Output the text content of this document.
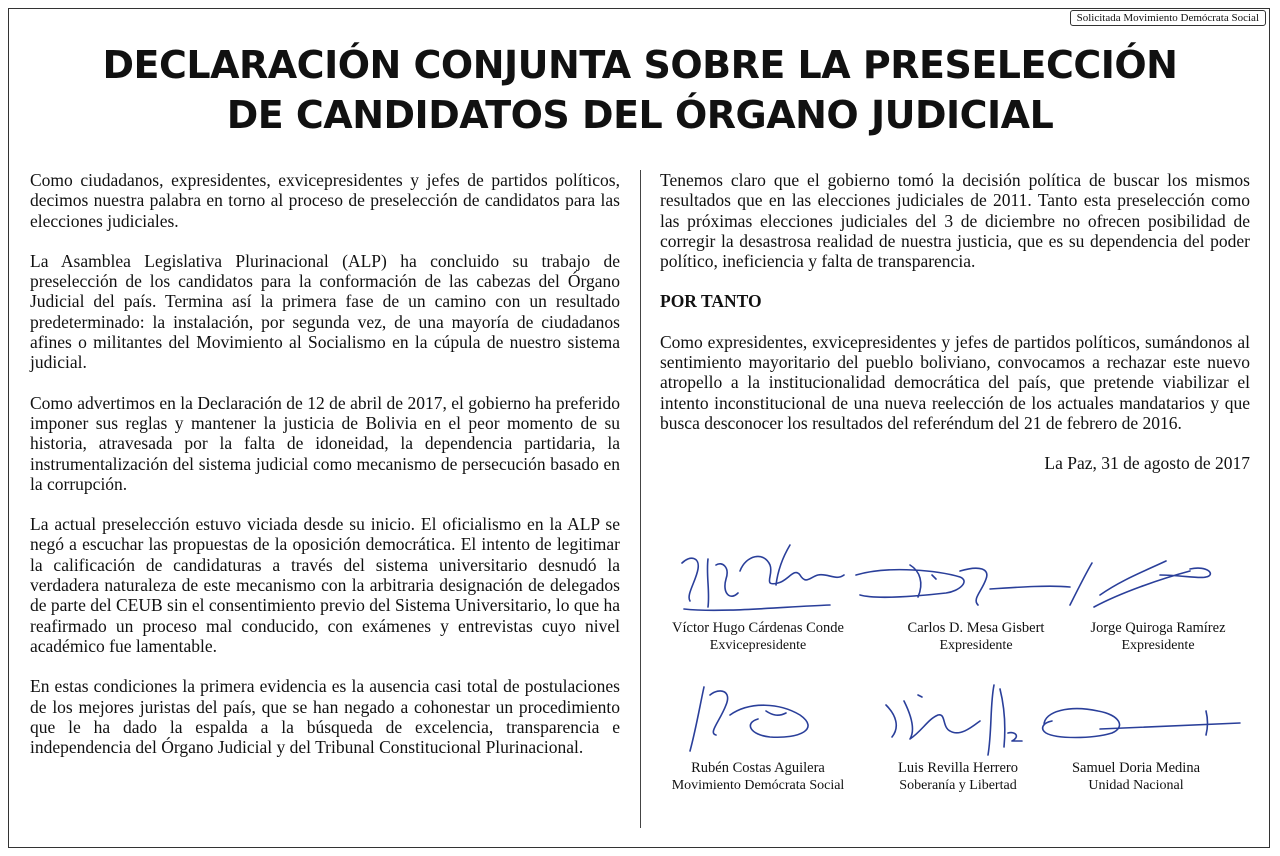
Solicitada Movimiento Demócrata Social
DECLARACIÓN CONJUNTA SOBRE LA PRESELECCIÓN
DE CANDIDATOS DEL ÓRGANO JUDICIAL

Como ciudadanos, expresidentes, exvicepresidentes y jefes de partidos políticos, decimos nuestra palabra en torno al proceso de preselección de candidatos para las elecciones judiciales.

La Asamblea Legislativa Plurinacional (ALP) ha concluido su trabajo de preselección de los candidatos para la conformación de las cabezas del Órgano Judicial del país. Termina así la primera fase de un camino con un resultado predeterminado: la instalación, por segunda vez, de una mayoría de ciudadanos afines o militantes del Movimiento al Socialismo en la cúpula de nuestro sistema judicial.

Como advertimos en la Declaración de 12 de abril de 2017, el gobierno ha preferido imponer sus reglas y mantener la justicia de Bolivia en el peor momento de su historia, atravesada por la falta de idoneidad, la dependencia partidaria, la instrumentalización del sistema judicial como mecanismo de persecución basado en la corrupción.

La actual preselección estuvo viciada desde su inicio. El oficialismo en la ALP se negó a escuchar las propuestas de la oposición democrática. El intento de legitimar la calificación de candidaturas a través del sistema universitario desnudó la verdadera naturaleza de este mecanismo con la arbitraria designación de delegados de parte del CEUB sin el consentimiento previo del Sistema Universitario, lo que ha reafirmado un proceso mal conducido, con exámenes y entrevistas cuyo nivel académico fue lamentable.

En estas condiciones la primera evidencia es la ausencia casi total de postulaciones de los mejores juristas del país, que se han negado a cohonestar un procedimiento que le ha dado la espalda a la búsqueda de excelencia, transparencia e independencia del Órgano Judicial y del Tribunal Constitucional Plurinacional.

Tenemos claro que el gobierno tomó la decisión política de buscar los mismos resultados que en las elecciones judiciales de 2011. Tanto esta preselección como las próximas elecciones judiciales del 3 de diciembre no ofrecen posibilidad de corregir la desastrosa realidad de nuestra justicia, que es su dependencia del poder político, ineficiencia y falta de transparencia.

POR TANTO

Como expresidentes, exvicepresidentes y jefes de partidos políticos, sumándonos al sentimiento mayoritario del pueblo boliviano, convocamos a rechazar este nuevo atropello a la institucionalidad democrática del país, que pretende viabilizar el intento inconstitucional de una nueva reelección de los actuales mandatarios y que busca desconocer los resultados del referéndum del 21 de febrero de 2016.

La Paz, 31 de agosto de 2017

Víctor Hugo Cárdenas Conde
Exvicepresidente
Carlos D. Mesa Gisbert
Expresidente
Jorge Quiroga Ramírez
Expresidente
Rubén Costas Aguilera
Movimiento Demócrata Social
Luis Revilla Herrero
Soberanía y Libertad
Samuel Doria Medina
Unidad Nacional
